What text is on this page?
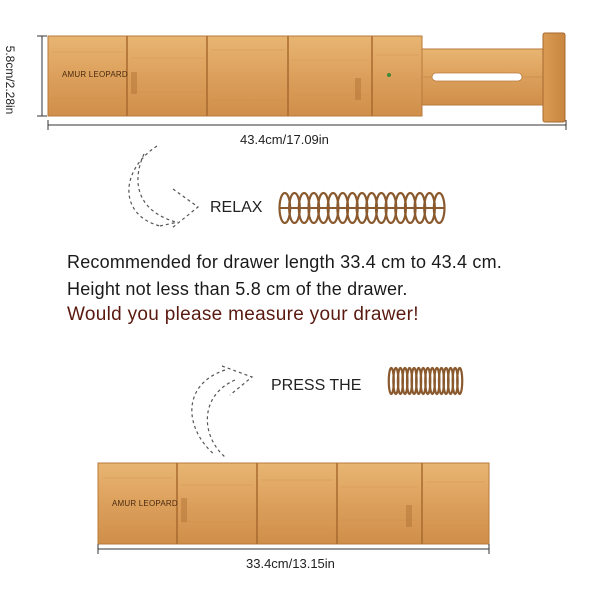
5.8cm/2.28in	AMUR LEOPARD
43.4cm/17.09in
RELAX
Recommended for drawer length 33.4 cm to 43.4 cm.
Height not less than 5.8 cm of the drawer.
Would you please measure your drawer!
PRESS THE
AMUR LEOPARD
33.4cm/13.15in
